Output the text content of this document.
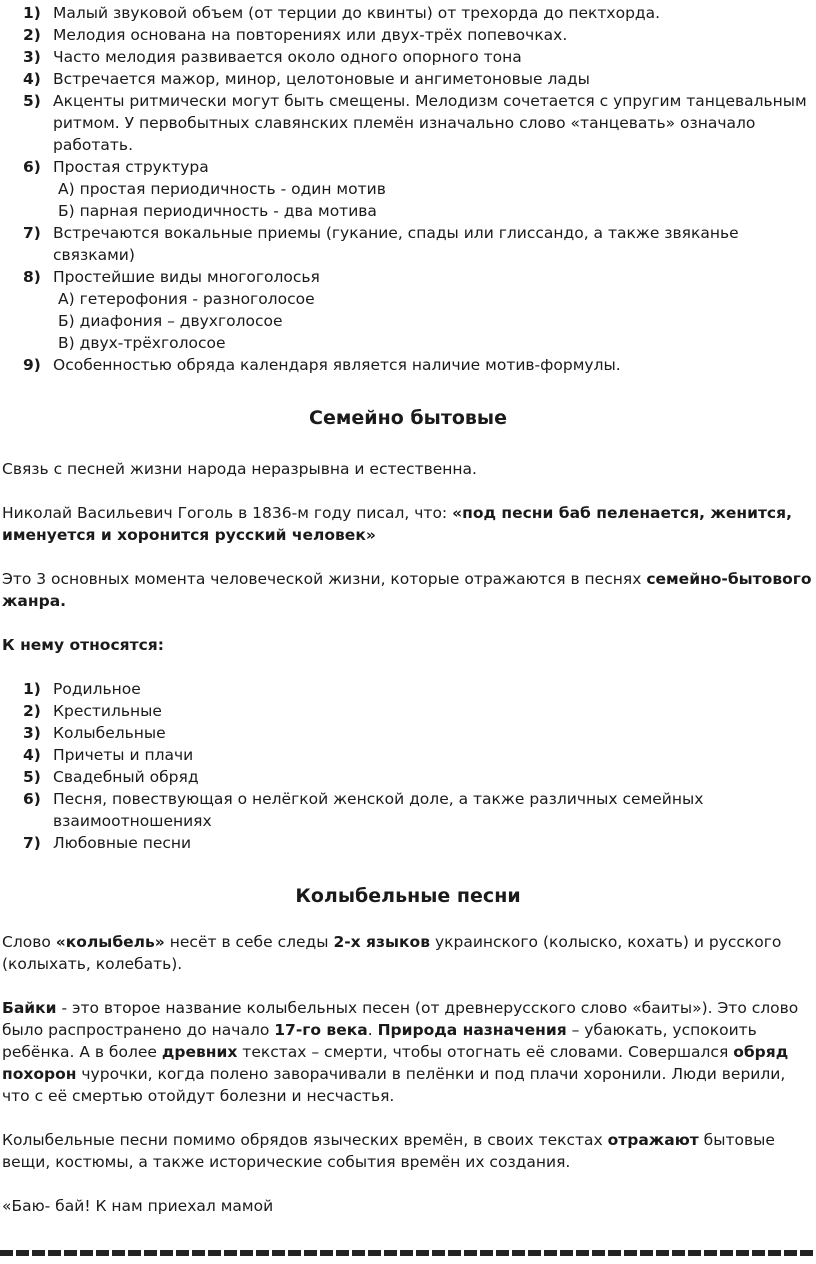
1) Малый звуковой объем (от терции до квинты) от трехорда до пектхорда.
2) Мелодия основана на повторениях или двух-трёх попевочках.
3) Часто мелодия развивается около одного опорного тона
4) Встречается мажор, минор, целотоновые и ангиметоновые лады
5) Акценты ритмически могут быть смещены. Мелодизм сочетается с упругим танцевальным ритмом. У первобытных славянских племён изначально слово «танцевать» означало работать.
6) Простая структура
А) простая периодичность - один мотив
Б) парная периодичность - два мотива
7) Встречаются вокальные приемы (гукание, спады или глиссандо, а также звяканье связками)
8) Простейшие виды многоголосья
А) гетерофония - разноголосое
Б) диафония – двухголосое
В) двух-трёхголосое
9) Особенностью обряда календаря является наличие мотив-формулы.
Семейно бытовые

Связь с песней жизни народа неразрывна и естественна.

Николай Васильевич Гоголь в 1836-м году писал, что: «под песни баб пеленается, женится, именуется и хоронится русский человек»

Это 3 основных момента человеческой жизни, которые отражаются в песнях семейно-бытового жанра.

К нему относятся:

1) Родильное
2) Крестильные
3) Колыбельные
4) Причеты и плачи
5) Свадебный обряд
6) Песня, повествующая о нелёгкой женской доле, а также различных семейных взаимоотношениях
7) Любовные песни
Колыбельные песни

Слово «колыбель» несёт в себе следы 2-х языков украинского (колыско, кохать) и русского (колыхать, колебать).

Байки - это второе название колыбельных песен (от древнерусского слово «баиты»). Это слово было распространено до начало 17-го века. Природа назначения – убаюкать, успокоить ребёнка. А в более древних текстах – смерти, чтобы отогнать её словами. Совершался обряд похорон чурочки, когда полено заворачивали в пелёнки и под плачи хоронили. Люди верили, что с её смертью отойдут болезни и несчастья.

Колыбельные песни помимо обрядов языческих времён, в своих текстах отражают бытовые вещи, костюмы, а также исторические события времён их создания.

«Баю- бай! К нам приехал мамой
